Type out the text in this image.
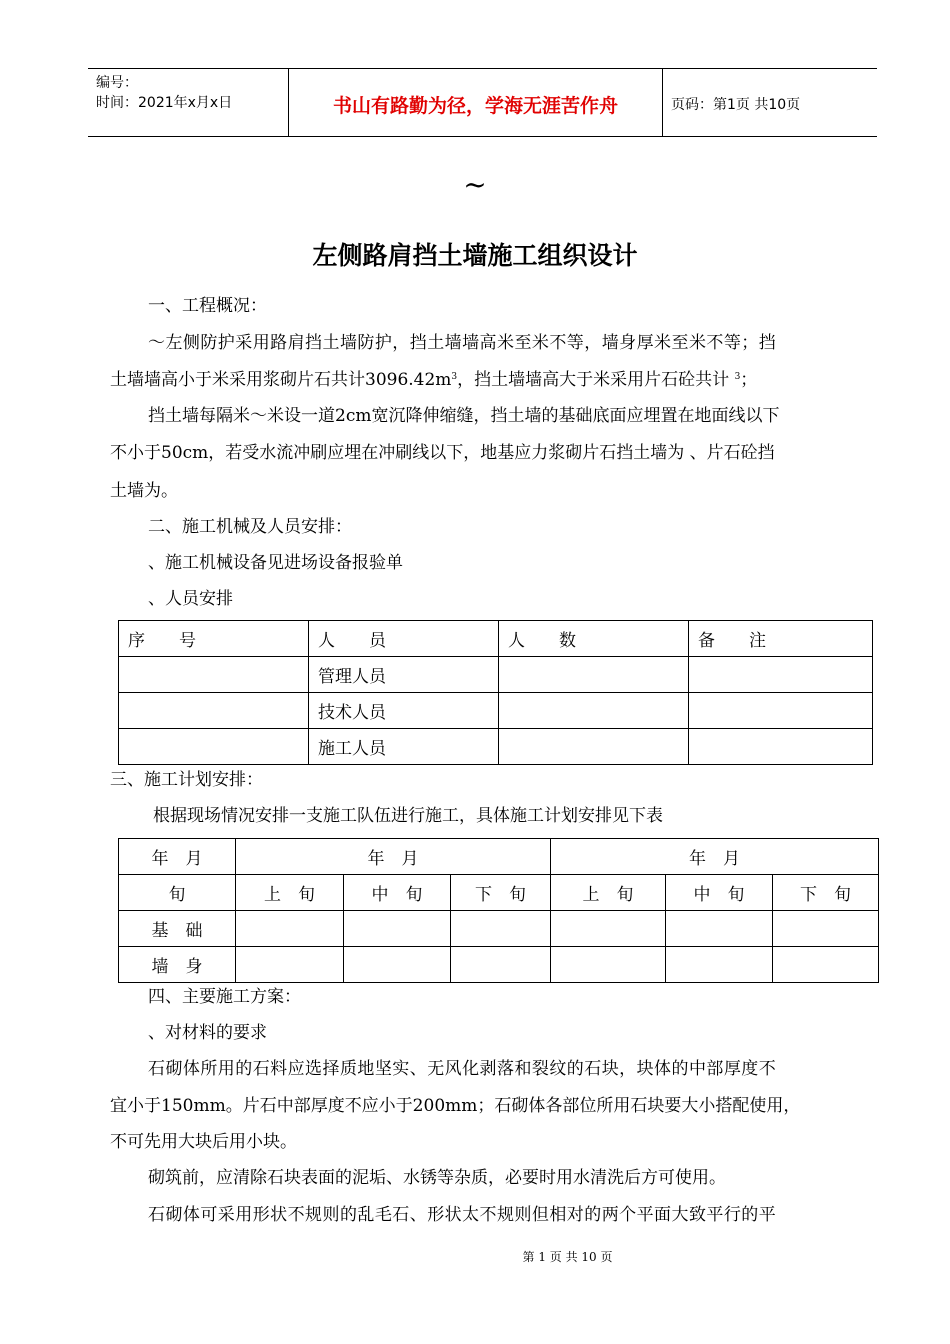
编号：
时间：2021年x月x日	书山有路勤为径，学海无涯苦作舟	页码：第1页 共10页
~
左侧路肩挡土墙施工组织设计
一、工程概况：
～左侧防护采用路肩挡土墙防护，挡土墙墙高米至米不等，墙身厚米至米不等；挡
土墙墙高小于米采用浆砌片石共计$3096.42m^3$，挡土墙墙高大于米采用片石砼共计 $^3$；
挡土墙每隔米～米设一道2cm宽沉降伸缩缝，挡土墙的基础底面应埋置在地面线以下
不小于50cm，若受水流冲刷应埋在冲刷线以下，地基应力浆砌片石挡土墙为 、片石砼挡
土墙为。
二、施工机械及人员安排：
、施工机械设备见进场设备报验单
、人员安排
序　　号	人　　员	人　　数	备　　注
	管理人员		
	技术人员		
	施工人员		
三、施工计划安排：
根据现场情况安排一支施工队伍进行施工，具体施工计划安排见下表
年　月	年　月			年　月		
旬	上　旬	中　旬	下　旬	上　旬	中　旬	下　旬
基　础						
墙　身						
四、主要施工方案：
、对材料的要求
石砌体所用的石料应选择质地坚实、无风化剥落和裂纹的石块，块体的中部厚度不
宜小于150mm。片石中部厚度不应小于200mm；石砌体各部位所用石块要大小搭配使用，
不可先用大块后用小块。
砌筑前，应清除石块表面的泥垢、水锈等杂质，必要时用水清洗后方可使用。
石砌体可采用形状不规则的乱毛石、形状太不规则但相对的两个平面大致平行的平
第 1 页 共 10 页
